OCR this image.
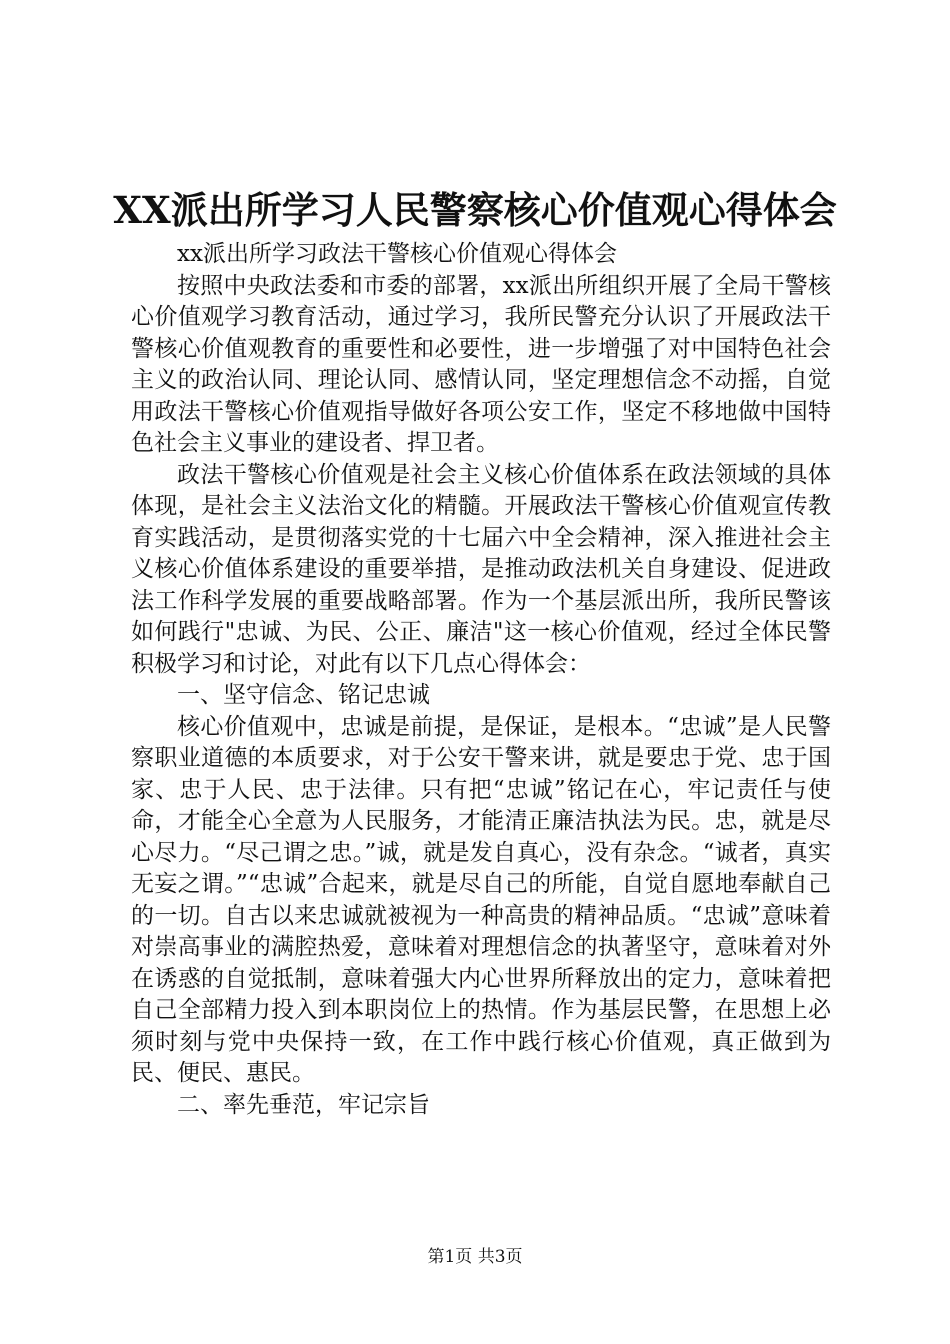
XX派出所学习人民警察核心价值观心得体会

xx派出所学习政法干警核心价值观心得体会

按照中央政法委和市委的部署，xx派出所组织开展了全局干警核心价值观学习教育活动，通过学习，我所民警充分认识了开展政法干警核心价值观教育的重要性和必要性，进一步增强了对中国特色社会主义的政治认同、理论认同、感情认同，坚定理想信念不动摇，自觉用政法干警核心价值观指导做好各项公安工作，坚定不移地做中国特色社会主义事业的建设者、捍卫者。

政法干警核心价值观是社会主义核心价值体系在政法领域的具体体现，是社会主义法治文化的精髓。开展政法干警核心价值观宣传教育实践活动，是贯彻落实党的十七届六中全会精神，深入推进社会主义核心价值体系建设的重要举措，是推动政法机关自身建设、促进政法工作科学发展的重要战略部署。作为一个基层派出所，我所民警该如何践行"忠诚、为民、公正、廉洁"这一核心价值观，经过全体民警积极学习和讨论，对此有以下几点心得体会：

一、坚守信念、铭记忠诚

核心价值观中，忠诚是前提，是保证，是根本。“忠诚”是人民警察职业道德的本质要求，对于公安干警来讲，就是要忠于党、忠于国家、忠于人民、忠于法律。只有把“忠诚”铭记在心，牢记责任与使命，才能全心全意为人民服务，才能清正廉洁执法为民。忠，就是尽心尽力。“尽己谓之忠。”诚，就是发自真心，没有杂念。“诚者，真实无妄之谓。”“忠诚”合起来，就是尽自己的所能，自觉自愿地奉献自己的一切。自古以来忠诚就被视为一种高贵的精神品质。“忠诚”意味着对崇高事业的满腔热爱，意味着对理想信念的执著坚守，意味着对外在诱惑的自觉抵制，意味着强大内心世界所释放出的定力，意味着把自己全部精力投入到本职岗位上的热情。作为基层民警，在思想上必须时刻与党中央保持一致，在工作中践行核心价值观，真正做到为民、便民、惠民。

二、率先垂范，牢记宗旨

第1页 共3页
